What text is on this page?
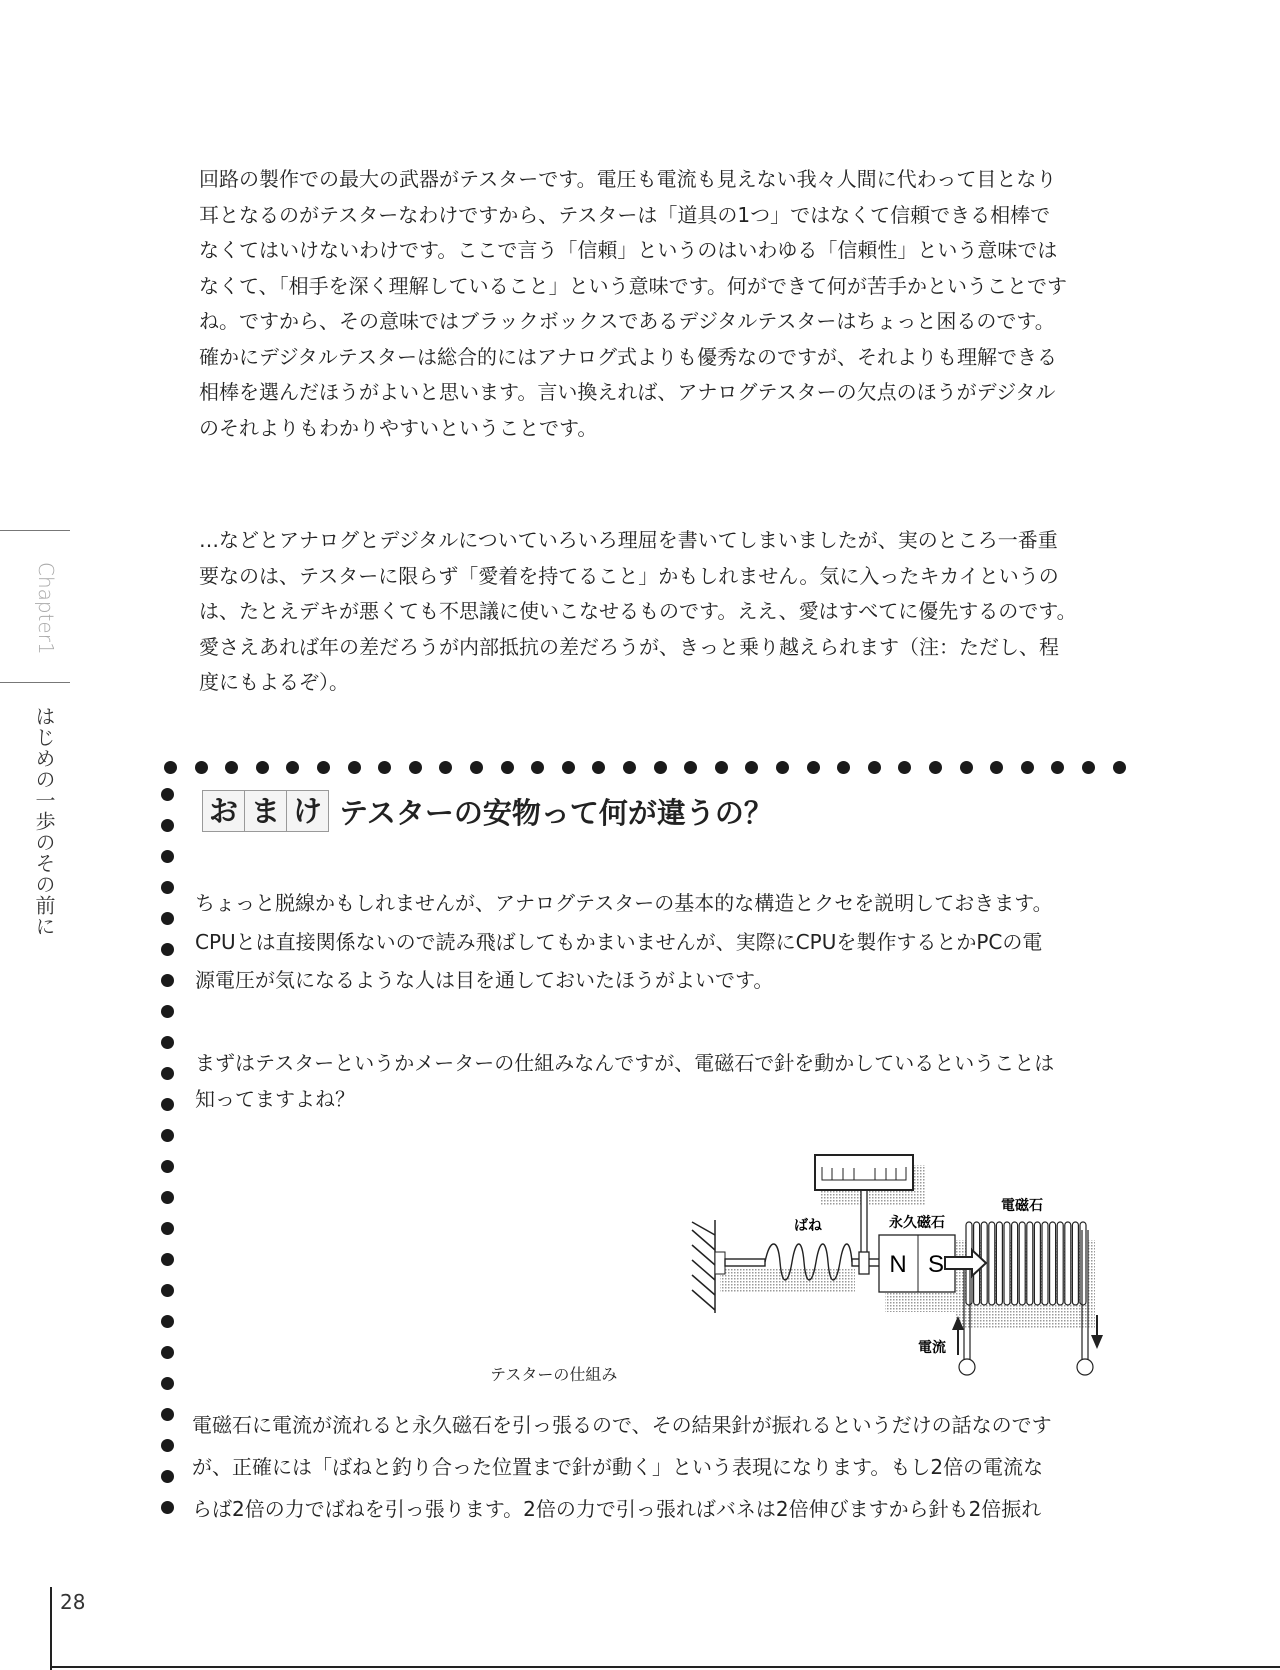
回路の製作での最大の武器がテスターです。電圧も電流も見えない我々人間に代わって目となり
耳となるのがテスターなわけですから、テスターは「道具の1つ」ではなくて信頼できる相棒で
なくてはいけないわけです。ここで言う「信頼」というのはいわゆる「信頼性」という意味では
なくて、「相手を深く理解していること」という意味です。何ができて何が苦手かということです
ね。ですから、その意味ではブラックボックスであるデジタルテスターはちょっと困るのです。
確かにデジタルテスターは総合的にはアナログ式よりも優秀なのですが、それよりも理解できる
相棒を選んだほうがよいと思います。言い換えれば、アナログテスターの欠点のほうがデジタル
のそれよりもわかりやすいということです。
…などとアナログとデジタルについていろいろ理屈を書いてしまいましたが、実のところ一番重
要なのは、テスターに限らず「愛着を持てること」かもしれません。気に入ったキカイというの
は、たとえデキが悪くても不思議に使いこなせるものです。ええ、愛はすべてに優先するのです。
愛さえあれば年の差だろうが内部抵抗の差だろうが、きっと乗り越えられます（注：ただし、程
度にもよるぞ）。
お ま け テスターの安物って何が違うの？
ちょっと脱線かもしれませんが、アナログテスターの基本的な構造とクセを説明しておきます。
CPUとは直接関係ないので読み飛ばしてもかまいませんが、実際にCPUを製作するとかPCの電
源電圧が気になるような人は目を通しておいたほうがよいです。
まずはテスターというかメーターの仕組みなんですが、電磁石で針を動かしているということは
知ってますよね？
N S
ばね	永久磁石
電磁石
電流
テスターの仕組み
電磁石に電流が流れると永久磁石を引っ張るので、その結果針が振れるというだけの話なのです
が、正確には「ばねと釣り合った位置まで針が動く」という表現になります。もし2倍の電流な
らば2倍の力でばねを引っ張ります。2倍の力で引っ張ればバネは2倍伸びますから針も2倍振れ
Chapter1
はじめの一歩のその前に
28
